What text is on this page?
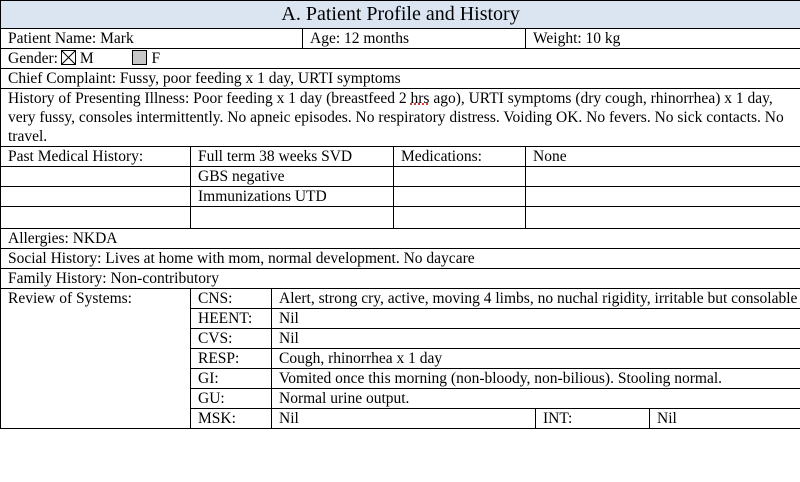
A. Patient Profile and History							
Patient Name: Mark			Age: 12 months		Weight: 10 kg		
Gender: M F							
Chief Complaint: Fussy, poor feeding x 1 day, URTI symptoms							
History of Presenting Illness: Poor feeding x 1 day (breastfeed 2 hrs ago), URTI symptoms (dry cough, rhinorrhea) x 1 day, very fussy, consoles intermittently. No apneic episodes. No respiratory distress. Voiding OK. No fevers. No sick contacts. No travel.							
Past Medical History:	Full term 38 weeks SVD			Medications:	None		
	GBS negative						
	Immunizations UTD						

Allergies: NKDA							
Social History: Lives at home with mom, normal development. No daycare							
Family History: Non-contributory							
Review of Systems:	CNS:	Alert, strong cry, active, moving 4 limbs, no nuchal rigidity, irritable but consolable					
	HEENT:	Nil					
	CVS:	Nil					
	RESP:	Cough, rhinorrhea x 1 day					
	GI:	Vomited once this morning (non-bloody, non-bilious). Stooling normal.					
	GU:	Normal urine output.					
	MSK:	Nil				INT:	Nil
